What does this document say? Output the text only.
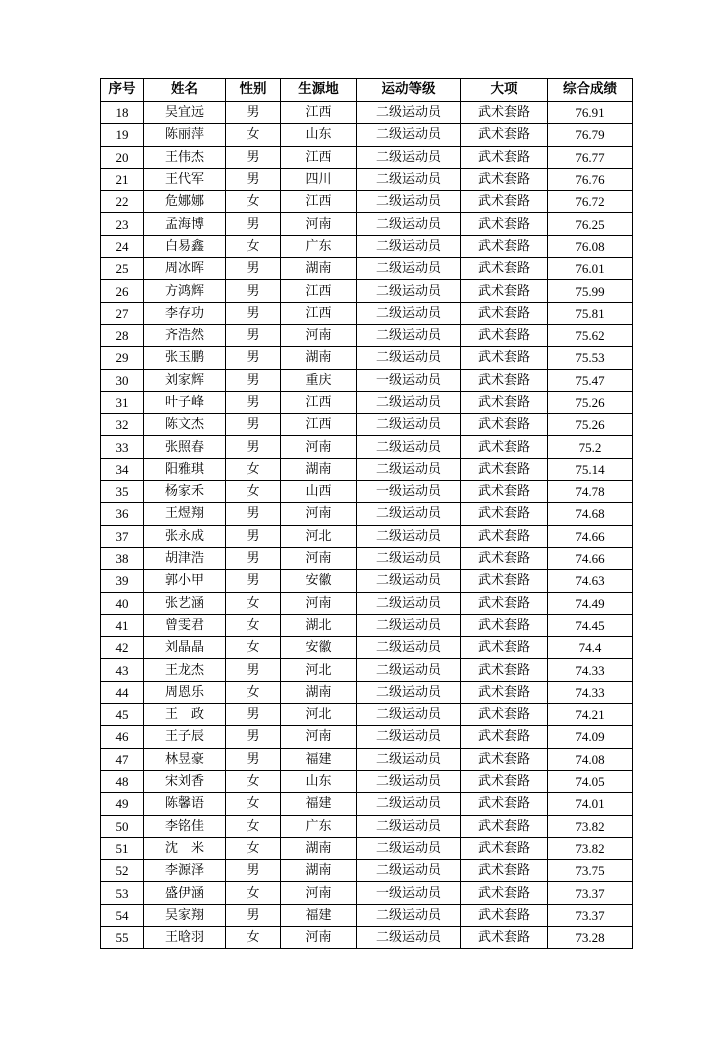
序号	姓名	性别	生源地	运动等级	大项	综合成绩
18	吴宜远	男	江西	二级运动员	武术套路	76.91
19	陈丽萍	女	山东	二级运动员	武术套路	76.79
20	王伟杰	男	江西	二级运动员	武术套路	76.77
21	王代军	男	四川	二级运动员	武术套路	76.76
22	危娜娜	女	江西	二级运动员	武术套路	76.72
23	孟海博	男	河南	二级运动员	武术套路	76.25
24	白易鑫	女	广东	二级运动员	武术套路	76.08
25	周冰晖	男	湖南	二级运动员	武术套路	76.01
26	方鸿辉	男	江西	二级运动员	武术套路	75.99
27	李存功	男	江西	二级运动员	武术套路	75.81
28	齐浩然	男	河南	二级运动员	武术套路	75.62
29	张玉鹏	男	湖南	二级运动员	武术套路	75.53
30	刘家辉	男	重庆	一级运动员	武术套路	75.47
31	叶子峰	男	江西	二级运动员	武术套路	75.26
32	陈文杰	男	江西	二级运动员	武术套路	75.26
33	张照春	男	河南	二级运动员	武术套路	75.2
34	阳雅琪	女	湖南	二级运动员	武术套路	75.14
35	杨家禾	女	山西	一级运动员	武术套路	74.78
36	王煜翔	男	河南	二级运动员	武术套路	74.68
37	张永成	男	河北	二级运动员	武术套路	74.66
38	胡津浩	男	河南	二级运动员	武术套路	74.66
39	郭小甲	男	安徽	二级运动员	武术套路	74.63
40	张艺涵	女	河南	二级运动员	武术套路	74.49
41	曾雯君	女	湖北	二级运动员	武术套路	74.45
42	刘晶晶	女	安徽	二级运动员	武术套路	74.4
43	王龙杰	男	河北	二级运动员	武术套路	74.33
44	周恩乐	女	湖南	二级运动员	武术套路	74.33
45	王　政	男	河北	二级运动员	武术套路	74.21
46	王子辰	男	河南	二级运动员	武术套路	74.09
47	林昱豪	男	福建	二级运动员	武术套路	74.08
48	宋刘香	女	山东	二级运动员	武术套路	74.05
49	陈馨语	女	福建	二级运动员	武术套路	74.01
50	李铭佳	女	广东	二级运动员	武术套路	73.82
51	沈　米	女	湖南	二级运动员	武术套路	73.82
52	李源泽	男	湖南	二级运动员	武术套路	73.75
53	盛伊涵	女	河南	一级运动员	武术套路	73.37
54	吴家翔	男	福建	二级运动员	武术套路	73.37
55	王晗羽	女	河南	二级运动员	武术套路	73.28
